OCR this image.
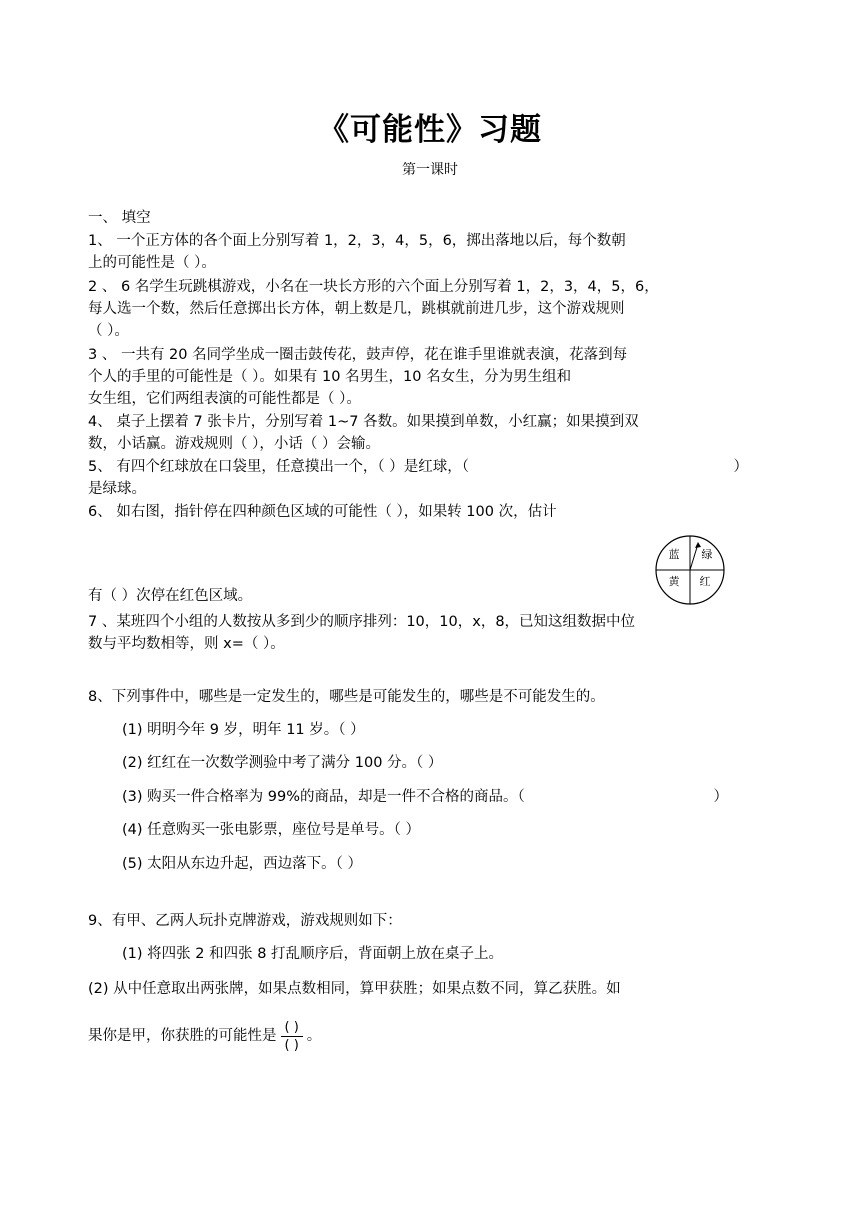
《可能性》习题
第一课时
一、 填空
1、 一个正方体的各个面上分别写着 1，2，3，4，5，6，掷出落地以后，每个数朝
上的可能性是（ ）。
2 、 6 名学生玩跳棋游戏，小名在一块长方形的六个面上分别写着 1，2，3，4，5，6，
每人选一个数，然后任意掷出长方体，朝上数是几，跳棋就前进几步，这个游戏规则
（ ）。
3 、 一共有 20 名同学坐成一圈击鼓传花，鼓声停，花在谁手里谁就表演，花落到每
个人的手里的可能性是（ ）。如果有 10 名男生，10 名女生，分为男生组和
女生组，它们两组表演的可能性都是（ ）。
4、 桌子上摆着 7 张卡片，分别写着 1~7 各数。如果摸到单数，小红赢；如果摸到双
数，小话赢。游戏规则（ ），小话（ ）会输。
5、 有四个红球放在口袋里，任意摸出一个，（ ）是红球，（	）
是绿球。
6、 如右图，指针停在四种颜色区域的可能性（ ），如果转 100 次，估计
蓝 绿
黄 红
有（ ）次停在红色区域。
7 、某班四个小组的人数按从多到少的顺序排列：10，10，x，8，已知这组数据中位
数与平均数相等，则 x=（ ）。
8、下列事件中，哪些是一定发生的，哪些是可能发生的，哪些是不可能发生的。
(1) 明明今年 9 岁，明年 11 岁。（ ）
(2) 红红在一次数学测验中考了满分 100 分。（ ）
(3) 购买一件合格率为 99%的商品，却是一件不合格的商品。（	）
(4) 任意购买一张电影票，座位号是单号。（ ）
(5) 太阳从东边升起，西边落下。（ ）
9、有甲、乙两人玩扑克牌游戏，游戏规则如下：
(1) 将四张 2 和四张 8 打乱顺序后，背面朝上放在桌子上。
(2) 从中任意取出两张牌，如果点数相同，算甲获胜；如果点数不同，算乙获胜。如
果你是甲，你获胜的可能性是 $\frac{( )}{( )}$ 。
